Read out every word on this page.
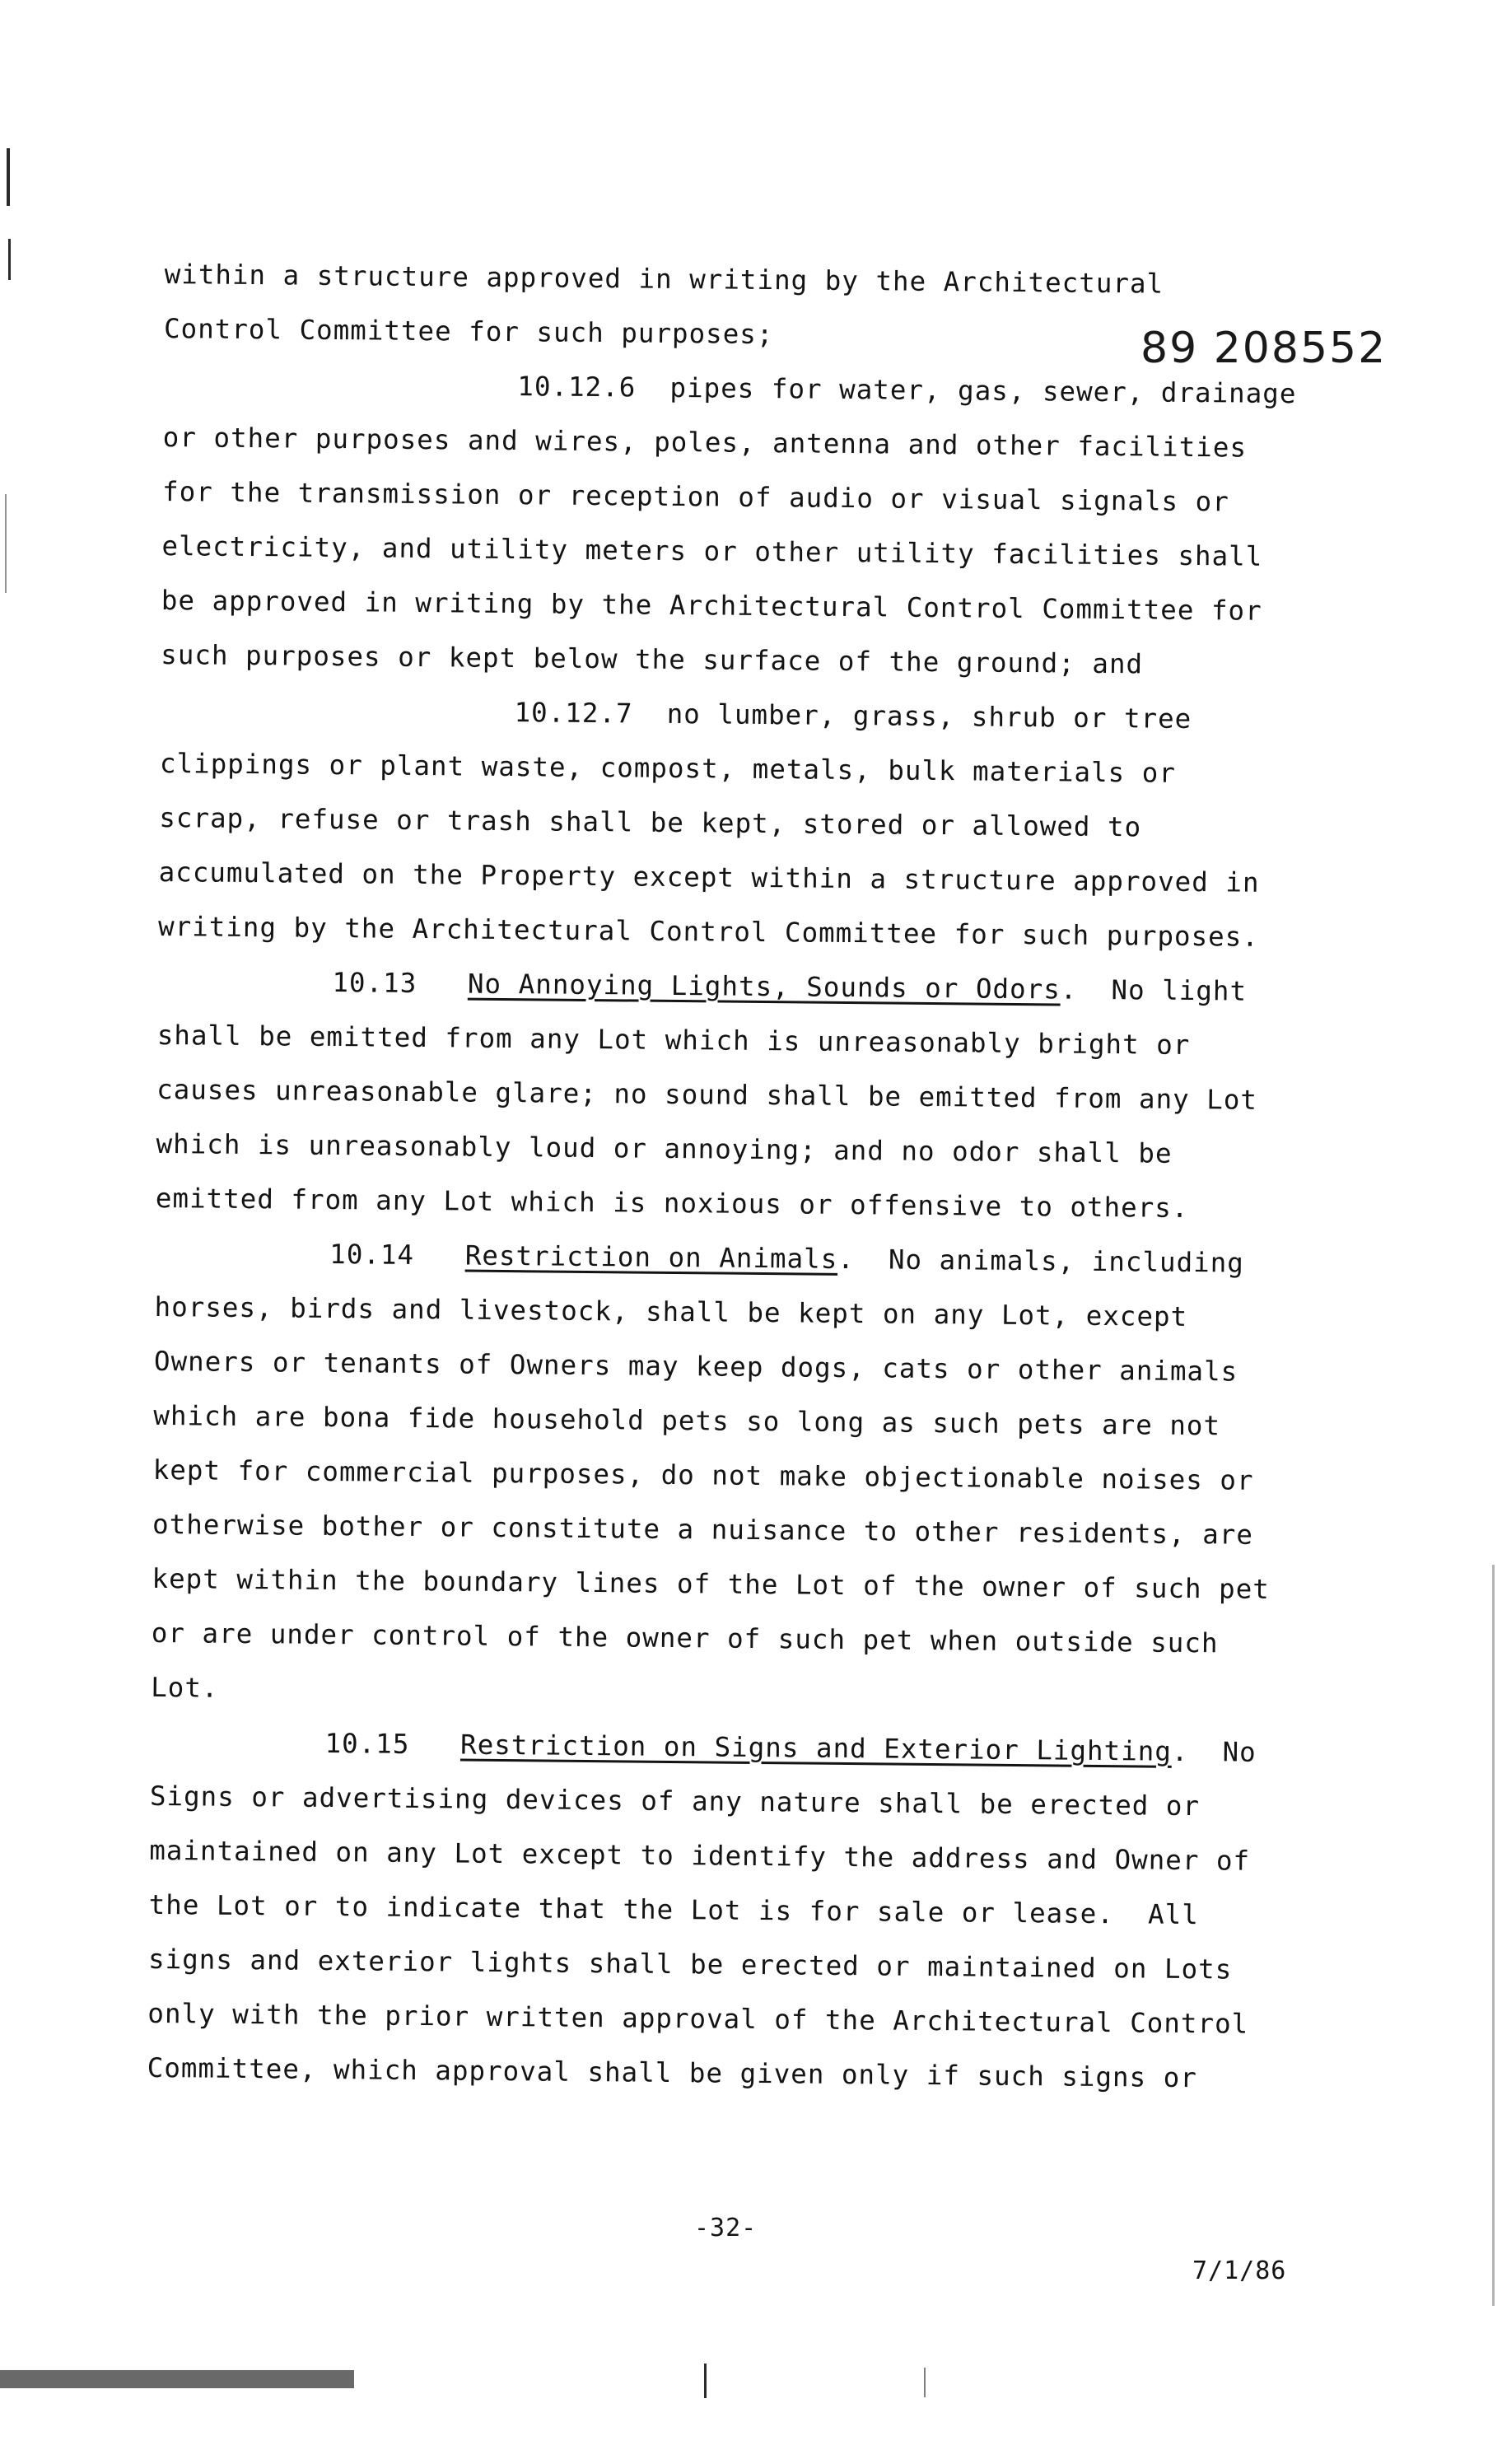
89 208552
within a structure approved in writing by the Architectural
Control Committee for such purposes;
10.12.6  pipes for water, gas, sewer, drainage
or other purposes and wires, poles, antenna and other facilities
for the transmission or reception of audio or visual signals or
electricity, and utility meters or other utility facilities shall
be approved in writing by the Architectural Control Committee for
such purposes or kept below the surface of the ground; and
10.12.7  no lumber, grass, shrub or tree
clippings or plant waste, compost, metals, bulk materials or
scrap, refuse or trash shall be kept, stored or allowed to
accumulated on the Property except within a structure approved in
writing by the Architectural Control Committee for such purposes.
10.13 No Annoying Lights, Sounds or Odors.  No light
shall be emitted from any Lot which is unreasonably bright or
causes unreasonable glare; no sound shall be emitted from any Lot
which is unreasonably loud or annoying; and no odor shall be
emitted from any Lot which is noxious or offensive to others.
10.14 Restriction on Animals.  No animals, including
horses, birds and livestock, shall be kept on any Lot, except
Owners or tenants of Owners may keep dogs, cats or other animals
which are bona fide household pets so long as such pets are not
kept for commercial purposes, do not make objectionable noises or
otherwise bother or constitute a nuisance to other residents, are
kept within the boundary lines of the Lot of the owner of such pet
or are under control of the owner of such pet when outside such
Lot.
10.15 Restriction on Signs and Exterior Lighting.  No
Signs or advertising devices of any nature shall be erected or
maintained on any Lot except to identify the address and Owner of
the Lot or to indicate that the Lot is for sale or lease.  All
signs and exterior lights shall be erected or maintained on Lots
only with the prior written approval of the Architectural Control
Committee, which approval shall be given only if such signs or
-32-
7/1/86
